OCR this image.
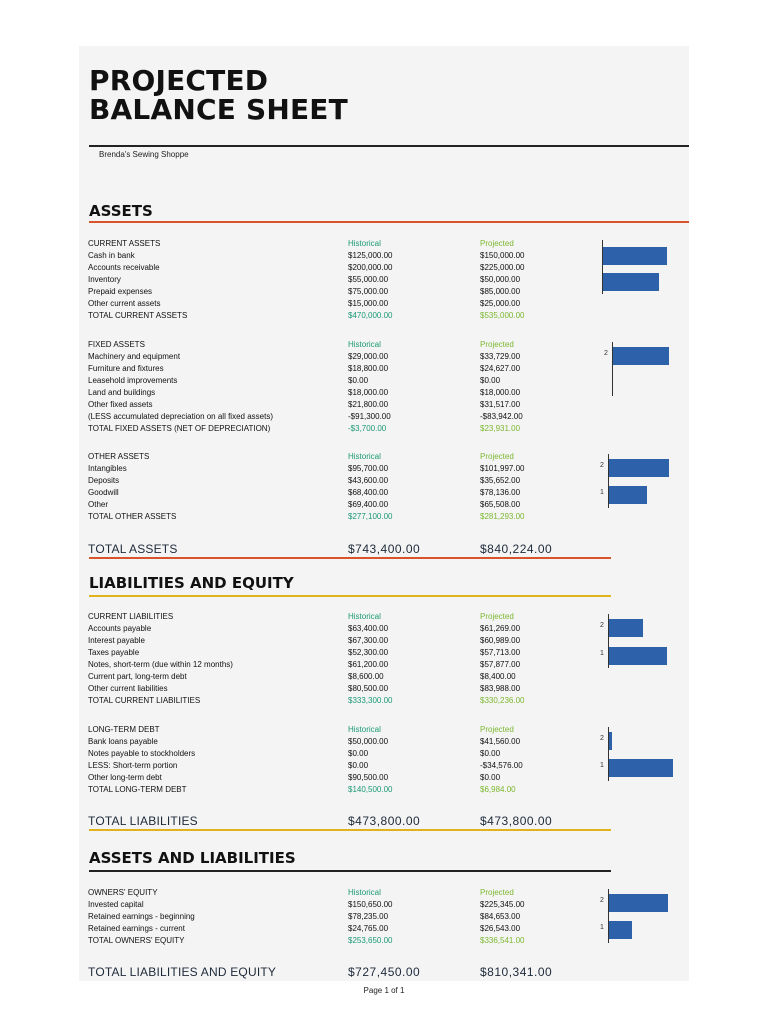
PROJECTED
BALANCE SHEET
Brenda's Sewing Shoppe
ASSETS
CURRENT ASSETS	Historical	Projected
Cash in bank	$125,000.00	$150,000.00
Accounts receivable	$200,000.00	$225,000.00
Inventory	$55,000.00	$50,000.00
Prepaid expenses	$75,000.00	$85,000.00
Other current assets	$15,000.00	$25,000.00
TOTAL CURRENT ASSETS	$470,000.00	$535,000.00
FIXED ASSETS	Historical	Projected
Machinery and equipment	$29,000.00	$33,729.00
Furniture and fixtures	$18,800.00	$24,627.00
Leasehold improvements	$0.00	$0.00
Land and buildings	$18,000.00	$18,000.00
Other fixed assets	$21,800.00	$31,517.00
(LESS accumulated depreciation on all fixed assets)	-$91,300.00	-$83,942.00
TOTAL FIXED ASSETS (NET OF DEPRECIATION)	-$3,700.00	$23,931.00
OTHER ASSETS	Historical	Projected
Intangibles	$95,700.00	$101,997.00
Deposits	$43,600.00	$35,652.00
Goodwill	$68,400.00	$78,136.00
Other	$69,400.00	$65,508.00
TOTAL OTHER ASSETS	$277,100.00	$281,293.00
TOTAL ASSETS	$743,400.00	$840,224.00
LIABILITIES AND EQUITY
CURRENT LIABILITIES	Historical	Projected
Accounts payable	$63,400.00	$61,269.00
Interest payable	$67,300.00	$60,989.00
Taxes payable	$52,300.00	$57,713.00
Notes, short-term (due within 12 months)	$61,200.00	$57,877.00
Current part, long-term debt	$8,600.00	$8,400.00
Other current liabilities	$80,500.00	$83,988.00
TOTAL CURRENT LIABILITIES	$333,300.00	$330,236.00
LONG-TERM DEBT	Historical	Projected
Bank loans payable	$50,000.00	$41,560.00
Notes payable to stockholders	$0.00	$0.00
LESS: Short-term portion	$0.00	-$34,576.00
Other long-term debt	$90,500.00	$0.00
TOTAL LONG-TERM DEBT	$140,500.00	$6,984.00
TOTAL LIABILITIES	$473,800.00	$473,800.00
ASSETS AND LIABILITIES
OWNERS' EQUITY	Historical	Projected
Invested capital	$150,650.00	$225,345.00
Retained earnings - beginning	$78,235.00	$84,653.00
Retained earnings - current	$24,765.00	$26,543.00
TOTAL OWNERS' EQUITY	$253,650.00	$336,541.00
TOTAL LIABILITIES AND EQUITY	$727,450.00	$810,341.00
2
2
1
2
1
2
1
2
1
Page 1 of 1
